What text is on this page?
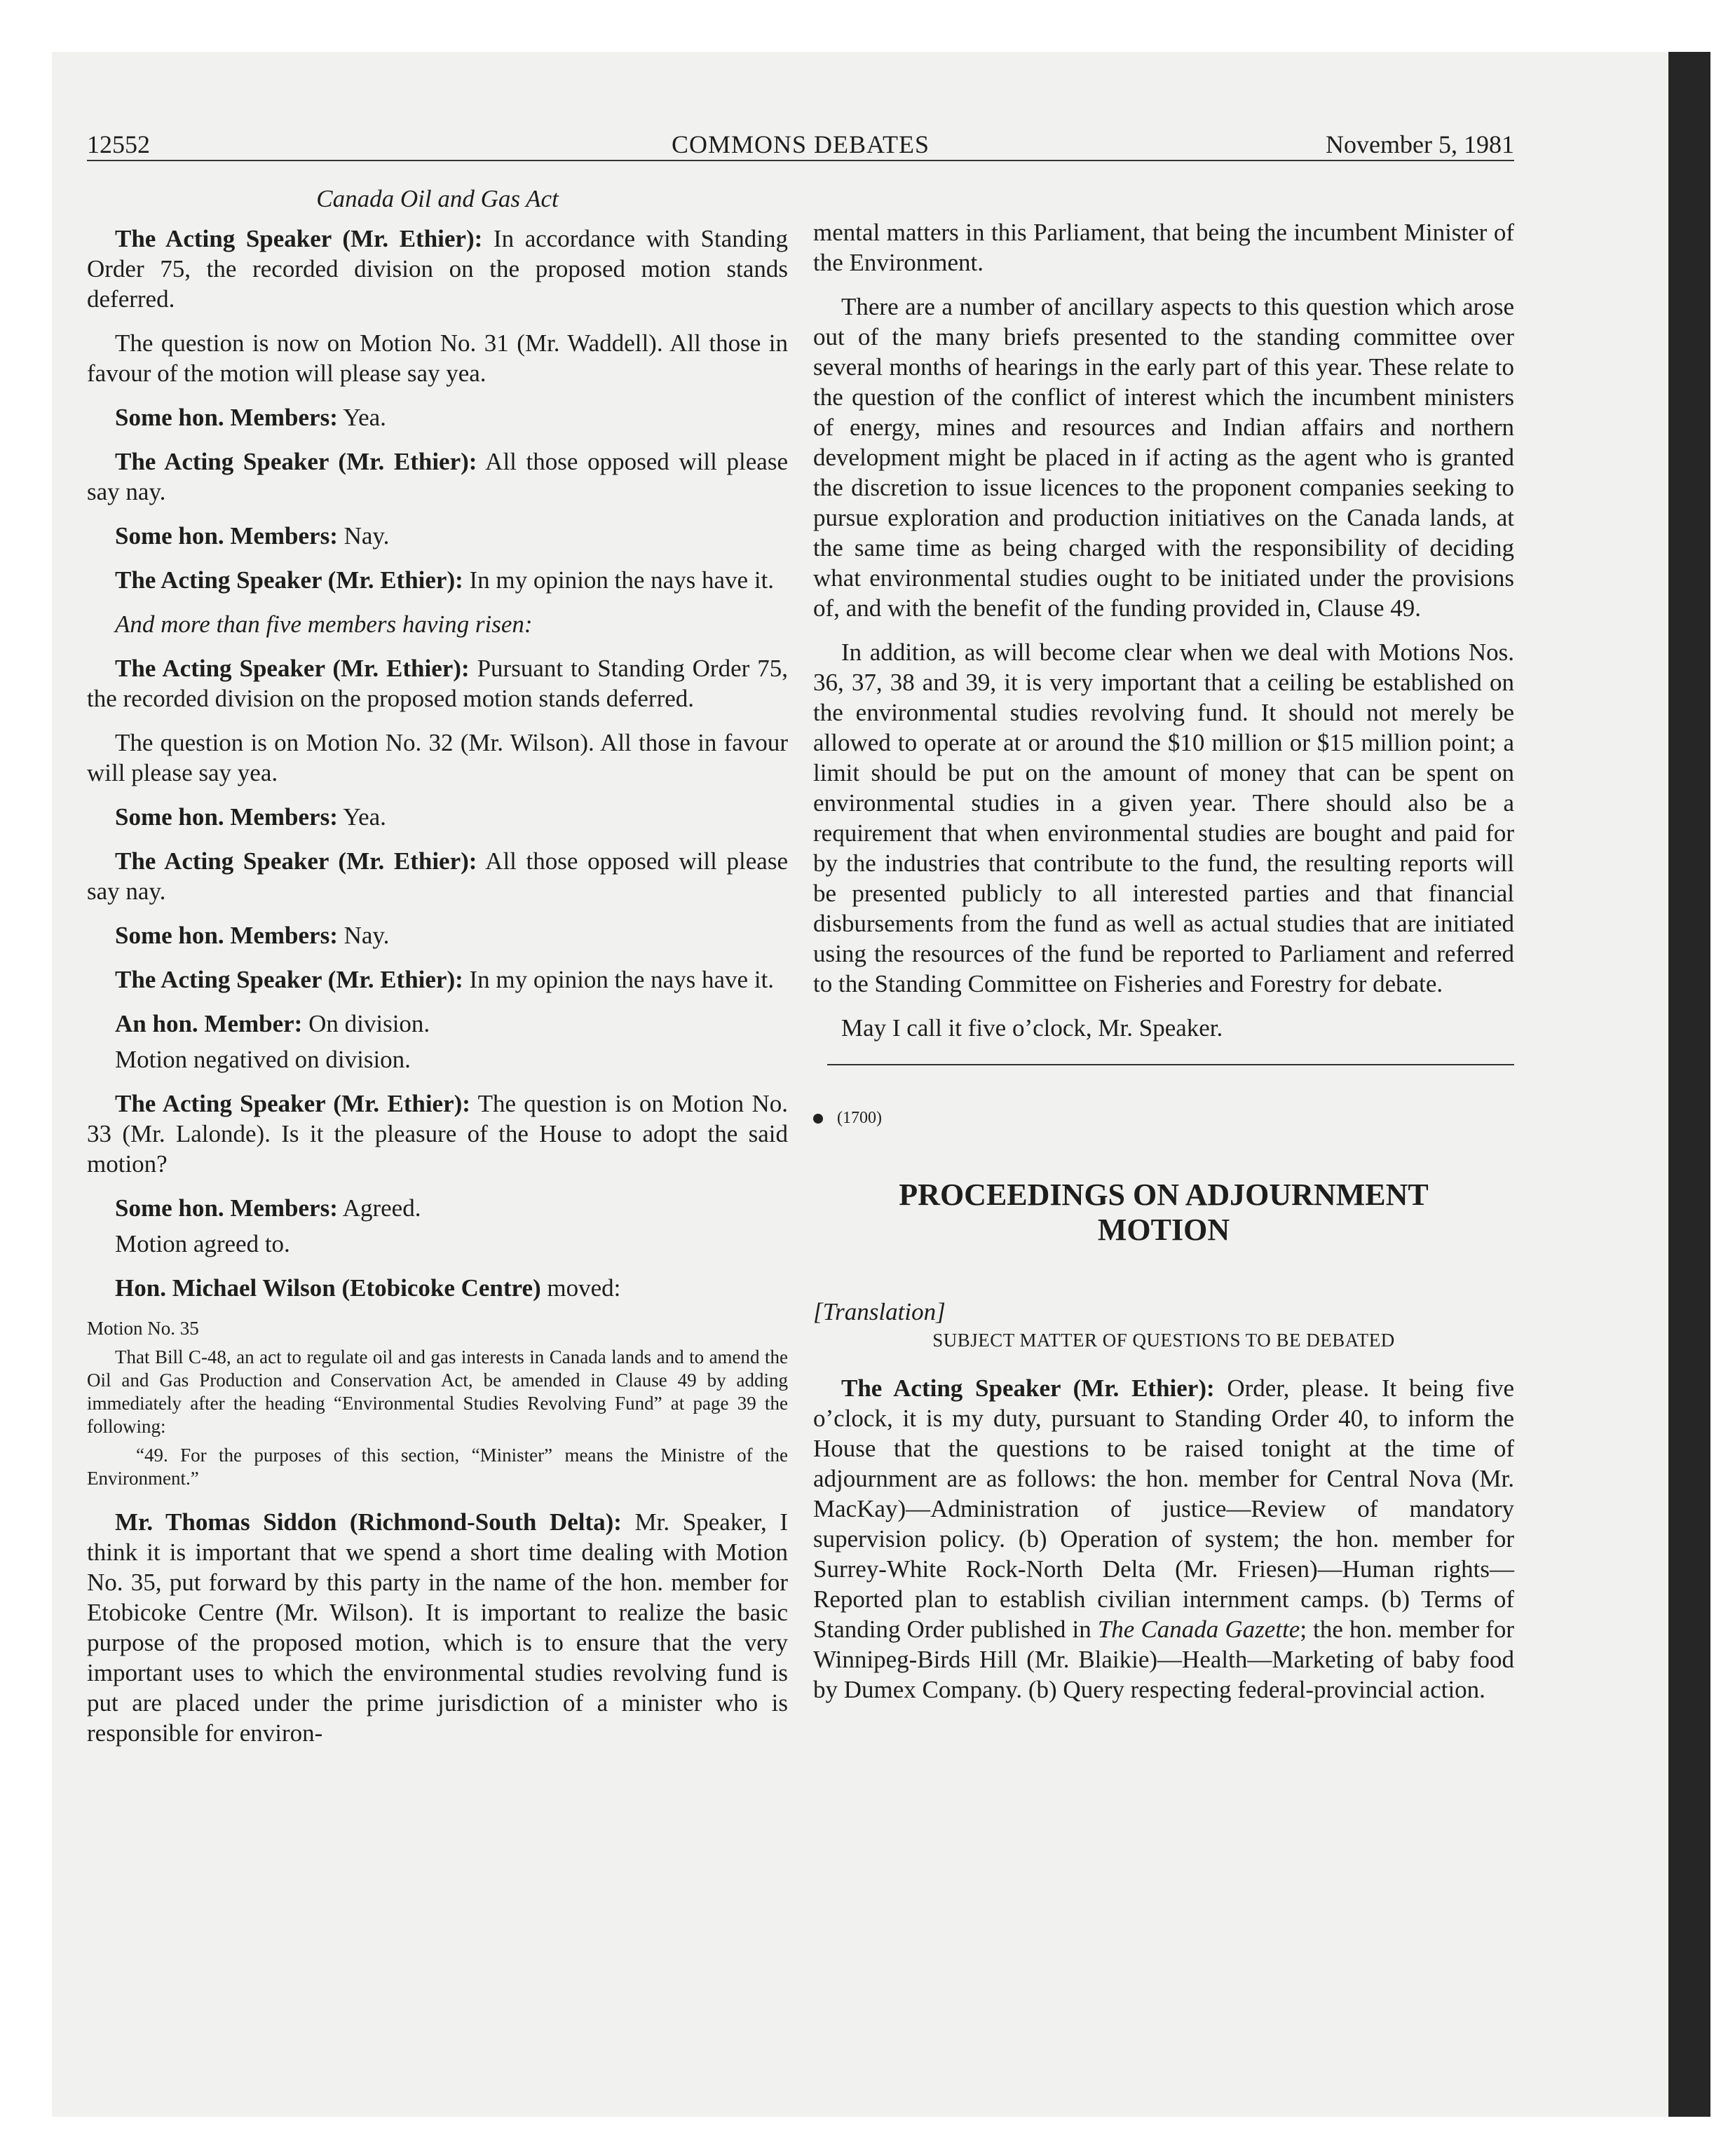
12552	COMMONS DEBATES	November 5, 1981

Canada Oil and Gas Act

The Acting Speaker (Mr. Ethier): In accordance with Standing Order 75, the recorded division on the proposed motion stands deferred.

The question is now on Motion No. 31 (Mr. Waddell). All those in favour of the motion will please say yea.

Some hon. Members: Yea.

The Acting Speaker (Mr. Ethier): All those opposed will please say nay.

Some hon. Members: Nay.

The Acting Speaker (Mr. Ethier): In my opinion the nays have it.

And more than five members having risen:

The Acting Speaker (Mr. Ethier): Pursuant to Standing Order 75, the recorded division on the proposed motion stands deferred.

The question is on Motion No. 32 (Mr. Wilson). All those in favour will please say yea.

Some hon. Members: Yea.

The Acting Speaker (Mr. Ethier): All those opposed will please say nay.

Some hon. Members: Nay.

The Acting Speaker (Mr. Ethier): In my opinion the nays have it.

An hon. Member: On division.

Motion negatived on division.

The Acting Speaker (Mr. Ethier): The question is on Motion No. 33 (Mr. Lalonde). Is it the pleasure of the House to adopt the said motion?

Some hon. Members: Agreed.

Motion agreed to.

Hon. Michael Wilson (Etobicoke Centre) moved:

Motion No. 35

That Bill C-48, an act to regulate oil and gas interests in Canada lands and to amend the Oil and Gas Production and Conservation Act, be amended in Clause 49 by adding immediately after the heading “Environmental Studies Revolving Fund” at page 39 the following:

“49. For the purposes of this section, “Minister” means the Ministre of the Environment.”

Mr. Thomas Siddon (Richmond-South Delta): Mr. Speaker, I think it is important that we spend a short time dealing with Motion No. 35, put forward by this party in the name of the hon. member for Etobicoke Centre (Mr. Wilson). It is important to realize the basic purpose of the proposed motion, which is to ensure that the very important uses to which the environmental studies revolving fund is put are placed under the prime jurisdiction of a minister who is responsible for environ-

mental matters in this Parliament, that being the incumbent Minister of the Environment.

There are a number of ancillary aspects to this question which arose out of the many briefs presented to the standing committee over several months of hearings in the early part of this year. These relate to the question of the conflict of interest which the incumbent ministers of energy, mines and resources and Indian affairs and northern development might be placed in if acting as the agent who is granted the discretion to issue licences to the proponent companies seeking to pursue exploration and production initiatives on the Canada lands, at the same time as being charged with the responsibility of deciding what environmental studies ought to be initiated under the provisions of, and with the benefit of the funding provided in, Clause 49.

In addition, as will become clear when we deal with Motions Nos. 36, 37, 38 and 39, it is very important that a ceiling be established on the environmental studies revolving fund. It should not merely be allowed to operate at or around the $10 million or $15 million point; a limit should be put on the amount of money that can be spent on environmental studies in a given year. There should also be a requirement that when environmental studies are bought and paid for by the industries that contribute to the fund, the resulting reports will be presented publicly to all interested parties and that financial disbursements from the fund as well as actual studies that are initiated using the resources of the fund be reported to Parliament and referred to the Standing Committee on Fisheries and Forestry for debate.

May I call it five o’clock, Mr. Speaker.

(1700)

PROCEEDINGS ON ADJOURNMENT
MOTION

[Translation]

SUBJECT MATTER OF QUESTIONS TO BE DEBATED

The Acting Speaker (Mr. Ethier): Order, please. It being five o’clock, it is my duty, pursuant to Standing Order 40, to inform the House that the questions to be raised tonight at the time of adjournment are as follows: the hon. member for Central Nova (Mr. MacKay)—Administration of justice—Review of mandatory supervision policy. (b) Operation of system; the hon. member for Surrey-White Rock-North Delta (Mr. Friesen)—Human rights—Reported plan to establish civilian internment camps. (b) Terms of Standing Order published in The Canada Gazette; the hon. member for Winnipeg-Birds Hill (Mr. Blaikie)—Health—Marketing of baby food by Dumex Company. (b) Query respecting federal-provincial action.
